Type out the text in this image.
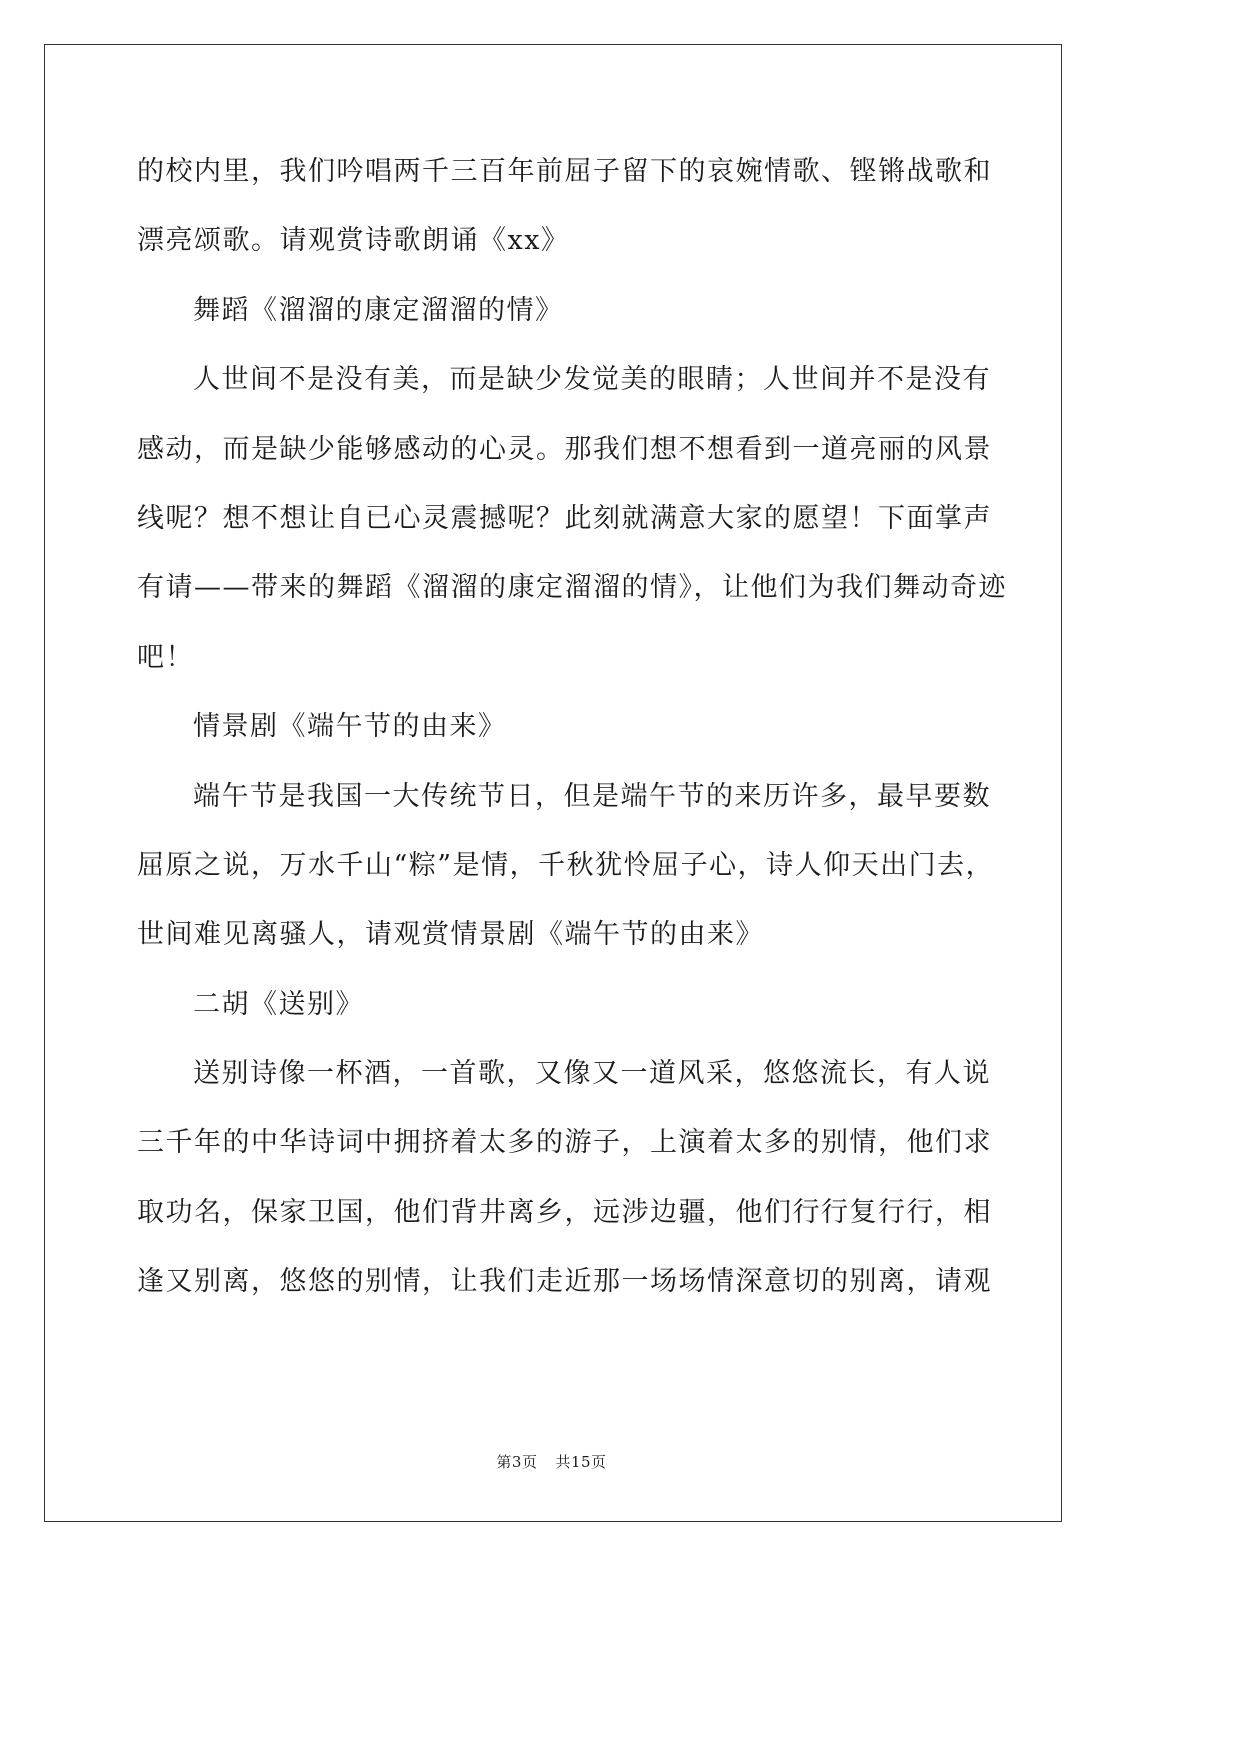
的校内里，我们吟唱两千三百年前屈子留下的哀婉情歌、铿锵战歌和
漂亮颂歌。请观赏诗歌朗诵《xx》
舞蹈《溜溜的康定溜溜的情》
人世间不是没有美，而是缺少发觉美的眼睛；人世间并不是没有
感动，而是缺少能够感动的心灵。那我们想不想看到一道亮丽的风景
线呢？想不想让自已心灵震撼呢？此刻就满意大家的愿望！下面掌声
有请——带来的舞蹈《溜溜的康定溜溜的情》，让他们为我们舞动奇迹
吧！
情景剧《端午节的由来》
端午节是我国一大传统节日，但是端午节的来历许多，最早要数
屈原之说，万水千山“粽”是情，千秋犹怜屈子心，诗人仰天出门去，
世间难见离骚人，请观赏情景剧《端午节的由来》
二胡《送别》
送别诗像一杯酒，一首歌，又像又一道风采，悠悠流长，有人说
三千年的中华诗词中拥挤着太多的游子，上演着太多的别情，他们求
取功名，保家卫国，他们背井离乡，远涉边疆，他们行行复行行，相
逢又别离，悠悠的别情，让我们走近那一场场情深意切的别离，请观
第3页 共15页
